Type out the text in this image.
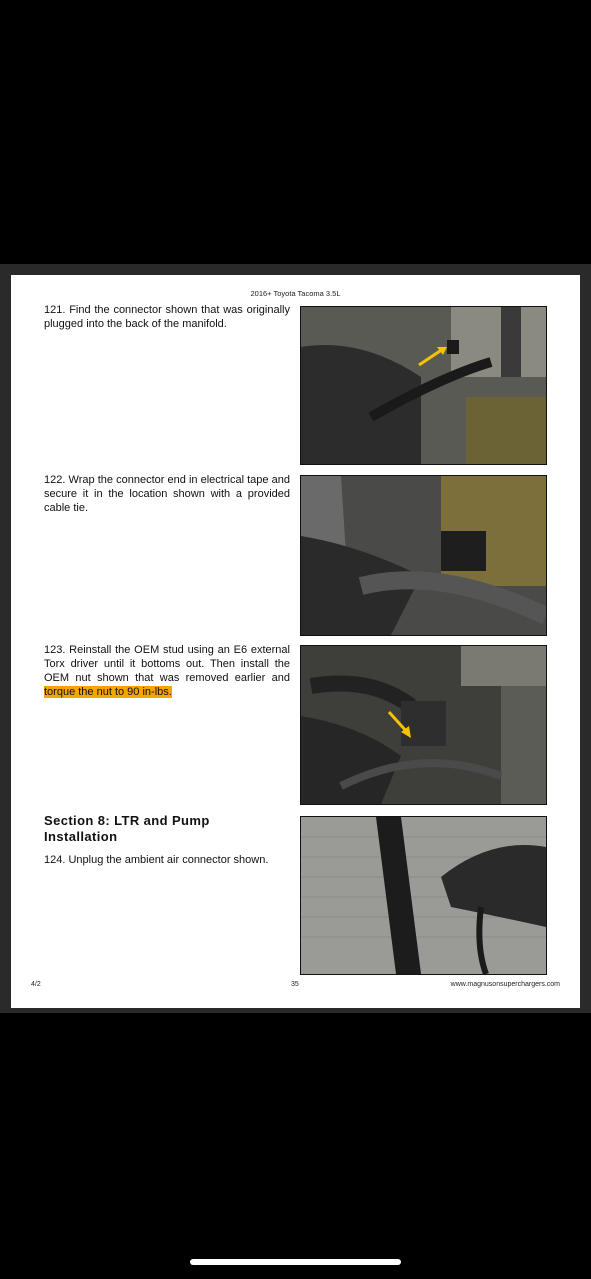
2016+ Toyota Tacoma 3.5L
121. Find the connector shown that was originally plugged into the back of the manifold.
122. Wrap the connector end in electrical tape and secure it in the location shown with a provided cable tie.
123. Reinstall the OEM stud using an E6 external Torx driver until it bottoms out. Then install the OEM nut shown that was removed earlier and torque the nut to 90 in-lbs.
Section 8: LTR and Pump Installation
124. Unplug the ambient air connector shown.
4/2	35	www.magnusonsuperchargers.com
